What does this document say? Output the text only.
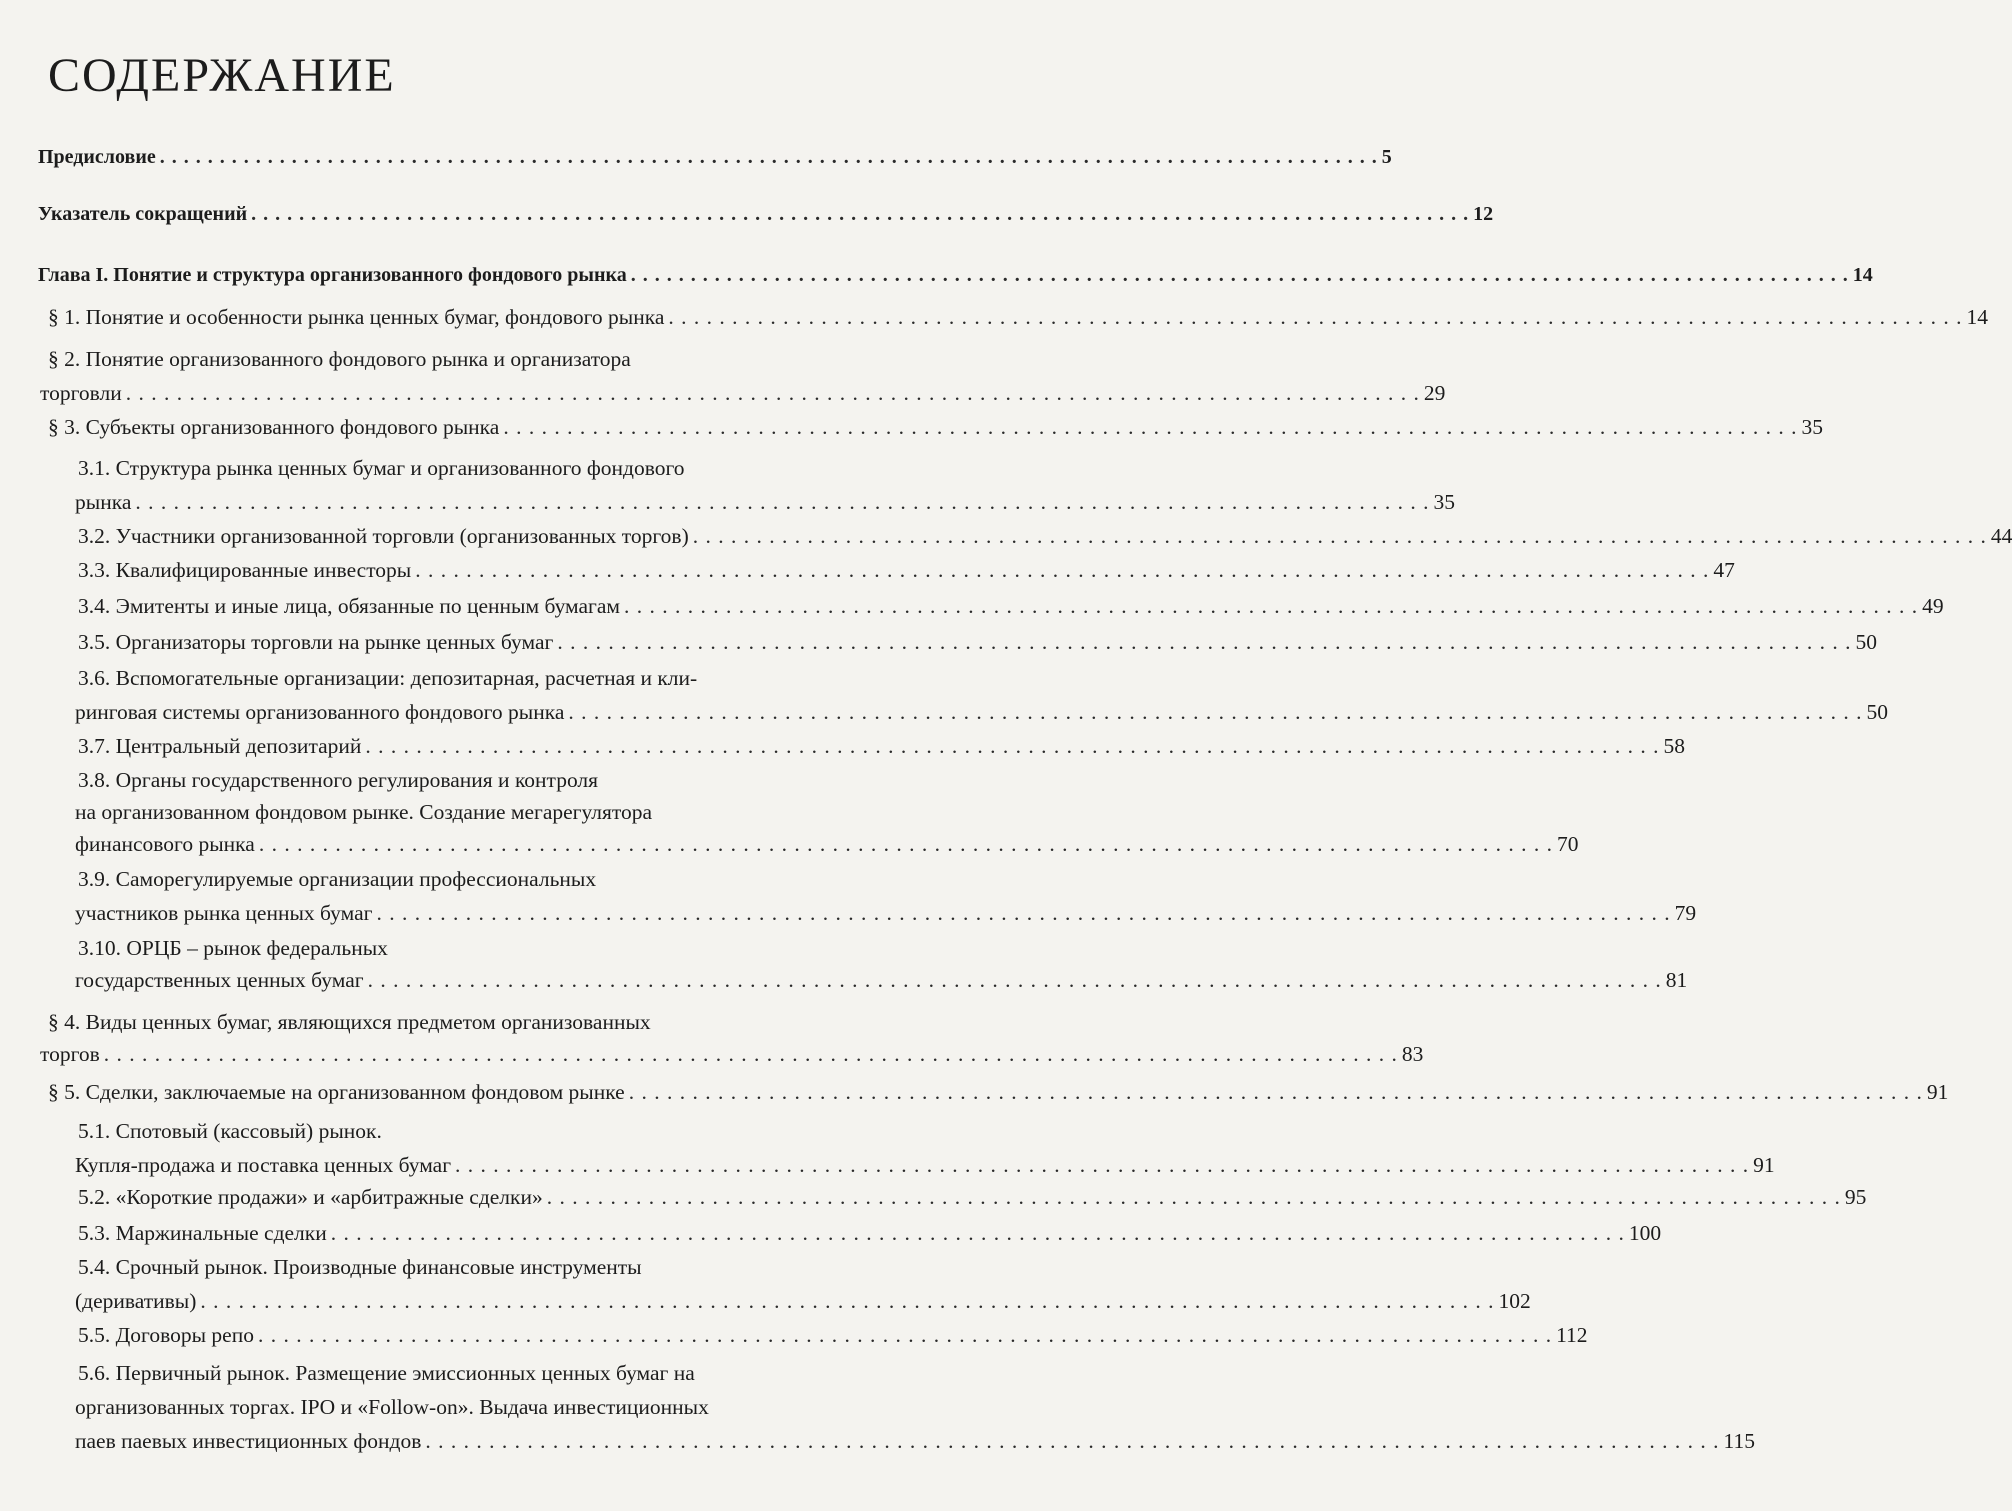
СОДЕРЖАНИЕ
Предисловие . . . . . . . . . . . . . . . . . . . . . . . . . . . . . . . . . . . . . . . . . . . . . . . . . . . . . . . . . . . . . . . . . . . . . . . . . . . . . . . . . . . . . . . . . . . . . . . . . . . . . . 5
Указатель сокращений . . . . . . . . . . . . . . . . . . . . . . . . . . . . . . . . . . . . . . . . . . . . . . . . . . . . . . . . . . . . . . . . . . . . . . . . . . . . . . . . . . . . . . . . . . . . . . . . . . . . . . 12
Глава I. Понятие и структура организованного фондового рынка . . . . . . . . . . . . . . . . . . . . . . . . . . . . . . . . . . . . . . . . . . . . . . . . . . . . . . . . . . . . . . . . . . . . . . . . . . . . . . . . . . . . . . . . . . . . . . . . . . . . . . 14
§ 1. Понятие и особенности рынка ценных бумаг, фондового рынка . . . . . . . . . . . . . . . . . . . . . . . . . . . . . . . . . . . . . . . . . . . . . . . . . . . . . . . . . . . . . . . . . . . . . . . . . . . . . . . . . . . . . . . . . . . . . . . . . . . . . . 14
§ 2. Понятие организованного фондового рынка и организатора
торговли . . . . . . . . . . . . . . . . . . . . . . . . . . . . . . . . . . . . . . . . . . . . . . . . . . . . . . . . . . . . . . . . . . . . . . . . . . . . . . . . . . . . . . . . . . . . . . . . . . . . . . 29
§ 3. Субъекты организованного фондового рынка . . . . . . . . . . . . . . . . . . . . . . . . . . . . . . . . . . . . . . . . . . . . . . . . . . . . . . . . . . . . . . . . . . . . . . . . . . . . . . . . . . . . . . . . . . . . . . . . . . . . . . 35
3.1. Структура рынка ценных бумаг и организованного фондового
рынка . . . . . . . . . . . . . . . . . . . . . . . . . . . . . . . . . . . . . . . . . . . . . . . . . . . . . . . . . . . . . . . . . . . . . . . . . . . . . . . . . . . . . . . . . . . . . . . . . . . . . . 35
3.2. Участники организованной торговли (организованных торгов) . . . . . . . . . . . . . . . . . . . . . . . . . . . . . . . . . . . . . . . . . . . . . . . . . . . . . . . . . . . . . . . . . . . . . . . . . . . . . . . . . . . . . . . . . . . . . . . . . . . . . . 44
3.3. Квалифицированные инвесторы . . . . . . . . . . . . . . . . . . . . . . . . . . . . . . . . . . . . . . . . . . . . . . . . . . . . . . . . . . . . . . . . . . . . . . . . . . . . . . . . . . . . . . . . . . . . . . . . . . . . . . 47
3.4. Эмитенты и иные лица, обязанные по ценным бумагам . . . . . . . . . . . . . . . . . . . . . . . . . . . . . . . . . . . . . . . . . . . . . . . . . . . . . . . . . . . . . . . . . . . . . . . . . . . . . . . . . . . . . . . . . . . . . . . . . . . . . . 49
3.5. Организаторы торговли на рынке ценных бумаг . . . . . . . . . . . . . . . . . . . . . . . . . . . . . . . . . . . . . . . . . . . . . . . . . . . . . . . . . . . . . . . . . . . . . . . . . . . . . . . . . . . . . . . . . . . . . . . . . . . . . . 50
3.6. Вспомогательные организации: депозитарная, расчетная и кли-
ринговая системы организованного фондового рынка . . . . . . . . . . . . . . . . . . . . . . . . . . . . . . . . . . . . . . . . . . . . . . . . . . . . . . . . . . . . . . . . . . . . . . . . . . . . . . . . . . . . . . . . . . . . . . . . . . . . . . 50
3.7. Центральный депозитарий . . . . . . . . . . . . . . . . . . . . . . . . . . . . . . . . . . . . . . . . . . . . . . . . . . . . . . . . . . . . . . . . . . . . . . . . . . . . . . . . . . . . . . . . . . . . . . . . . . . . . . 58
3.8. Органы государственного регулирования и контроля
на организованном фондовом рынке. Создание мегарегулятора
финансового рынка . . . . . . . . . . . . . . . . . . . . . . . . . . . . . . . . . . . . . . . . . . . . . . . . . . . . . . . . . . . . . . . . . . . . . . . . . . . . . . . . . . . . . . . . . . . . . . . . . . . . . . 70
3.9. Саморегулируемые организации профессиональных
участников рынка ценных бумаг . . . . . . . . . . . . . . . . . . . . . . . . . . . . . . . . . . . . . . . . . . . . . . . . . . . . . . . . . . . . . . . . . . . . . . . . . . . . . . . . . . . . . . . . . . . . . . . . . . . . . . 79
3.10. ОРЦБ – рынок федеральных
государственных ценных бумаг . . . . . . . . . . . . . . . . . . . . . . . . . . . . . . . . . . . . . . . . . . . . . . . . . . . . . . . . . . . . . . . . . . . . . . . . . . . . . . . . . . . . . . . . . . . . . . . . . . . . . . 81
§ 4. Виды ценных бумаг, являющихся предметом организованных
торгов . . . . . . . . . . . . . . . . . . . . . . . . . . . . . . . . . . . . . . . . . . . . . . . . . . . . . . . . . . . . . . . . . . . . . . . . . . . . . . . . . . . . . . . . . . . . . . . . . . . . . . 83
§ 5. Сделки, заключаемые на организованном фондовом рынке . . . . . . . . . . . . . . . . . . . . . . . . . . . . . . . . . . . . . . . . . . . . . . . . . . . . . . . . . . . . . . . . . . . . . . . . . . . . . . . . . . . . . . . . . . . . . . . . . . . . . . 91
5.1. Спотовый (кассовый) рынок.
Купля-продажа и поставка ценных бумаг . . . . . . . . . . . . . . . . . . . . . . . . . . . . . . . . . . . . . . . . . . . . . . . . . . . . . . . . . . . . . . . . . . . . . . . . . . . . . . . . . . . . . . . . . . . . . . . . . . . . . . 91
5.2. «Короткие продажи» и «арбитражные сделки» . . . . . . . . . . . . . . . . . . . . . . . . . . . . . . . . . . . . . . . . . . . . . . . . . . . . . . . . . . . . . . . . . . . . . . . . . . . . . . . . . . . . . . . . . . . . . . . . . . . . . . 95
5.3. Маржинальные сделки . . . . . . . . . . . . . . . . . . . . . . . . . . . . . . . . . . . . . . . . . . . . . . . . . . . . . . . . . . . . . . . . . . . . . . . . . . . . . . . . . . . . . . . . . . . . . . . . . . . . . . 100
5.4. Срочный рынок. Производные финансовые инструменты
(деривативы) . . . . . . . . . . . . . . . . . . . . . . . . . . . . . . . . . . . . . . . . . . . . . . . . . . . . . . . . . . . . . . . . . . . . . . . . . . . . . . . . . . . . . . . . . . . . . . . . . . . . . . 102
5.5. Договоры репо . . . . . . . . . . . . . . . . . . . . . . . . . . . . . . . . . . . . . . . . . . . . . . . . . . . . . . . . . . . . . . . . . . . . . . . . . . . . . . . . . . . . . . . . . . . . . . . . . . . . . . 112
5.6. Первичный рынок. Размещение эмиссионных ценных бумаг на
организованных торгах. IPO и «Follow-on». Выдача инвестиционных
паев паевых инвестиционных фондов . . . . . . . . . . . . . . . . . . . . . . . . . . . . . . . . . . . . . . . . . . . . . . . . . . . . . . . . . . . . . . . . . . . . . . . . . . . . . . . . . . . . . . . . . . . . . . . . . . . . . . 115
